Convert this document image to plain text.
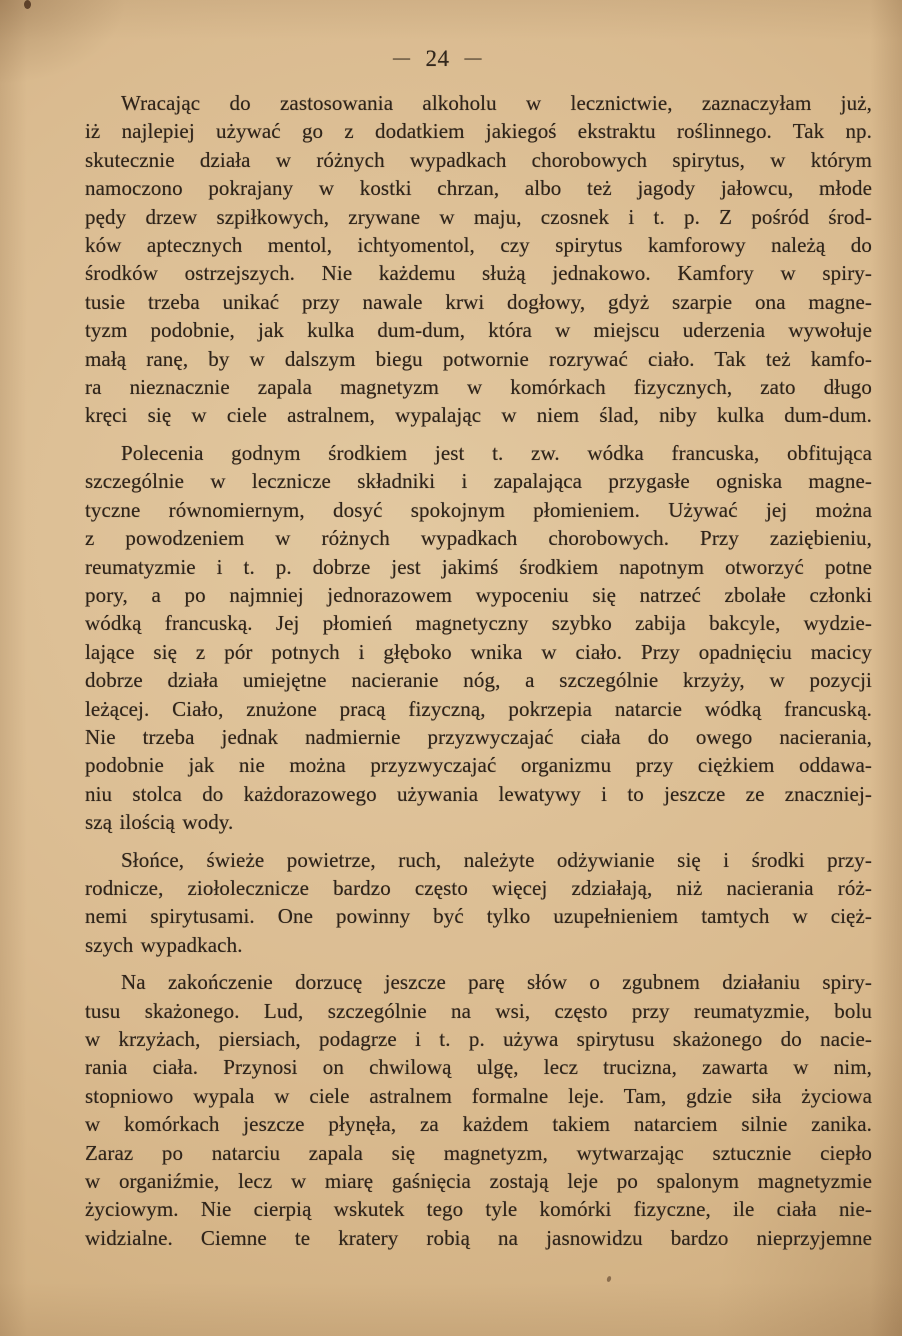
— 24 —
Wracając do zastosowania alkoholu w lecznictwie, zaznaczyłam już,
iż najlepiej używać go z dodatkiem jakiegoś ekstraktu roślinnego. Tak np.
skutecznie działa w różnych wypadkach chorobowych spirytus, w którym
namoczono pokrajany w kostki chrzan, albo też jagody jałowcu, młode
pędy drzew szpiłkowych, zrywane w maju, czosnek i t. p. Z pośród środ-
ków aptecznych mentol, ichtyomentol, czy spirytus kamforowy należą do
środków ostrzejszych. Nie każdemu służą jednakowo. Kamfory w spiry-
tusie trzeba unikać przy nawale krwi dogłowy, gdyż szarpie ona magne-
tyzm podobnie, jak kulka dum-dum, która w miejscu uderzenia wywołuje
małą ranę, by w dalszym biegu potwornie rozrywać ciało. Tak też kamfo-
ra nieznacznie zapala magnetyzm w komórkach fizycznych, zato długo
kręci się w ciele astralnem, wypalając w niem ślad, niby kulka dum-dum.
Polecenia godnym środkiem jest t. zw. wódka francuska, obfitująca
szczególnie w lecznicze składniki i zapalająca przygasłe ogniska magne-
tyczne równomiernym, dosyć spokojnym płomieniem. Używać jej można
z powodzeniem w różnych wypadkach chorobowych. Przy zaziębieniu,
reumatyzmie i t. p. dobrze jest jakimś środkiem napotnym otworzyć potne
pory, a po najmniej jednorazowem wypoceniu się natrzeć zbolałe członki
wódką francuską. Jej płomień magnetyczny szybko zabija bakcyle, wydzie-
lające się z pór potnych i głęboko wnika w ciało. Przy opadnięciu macicy
dobrze działa umiejętne nacieranie nóg, a szczególnie krzyży, w pozycji
leżącej. Ciało, znużone pracą fizyczną, pokrzepia natarcie wódką francuską.
Nie trzeba jednak nadmiernie przyzwyczajać ciała do owego nacierania,
podobnie jak nie można przyzwyczajać organizmu przy ciężkiem oddawa-
niu stolca do każdorazowego używania lewatywy i to jeszcze ze znaczniej-
szą ilością wody.
Słońce, świeże powietrze, ruch, należyte odżywianie się i środki przy-
rodnicze, ziołolecznicze bardzo często więcej zdziałają, niż nacierania róż-
nemi spirytusami. One powinny być tylko uzupełnieniem tamtych w cięż-
szych wypadkach.
Na zakończenie dorzucę jeszcze parę słów o zgubnem działaniu spiry-
tusu skażonego. Lud, szczególnie na wsi, często przy reumatyzmie, bolu
w krzyżach, piersiach, podagrze i t. p. używa spirytusu skażonego do nacie-
rania ciała. Przynosi on chwilową ulgę, lecz trucizna, zawarta w nim,
stopniowo wypala w ciele astralnem formalne leje. Tam, gdzie siła życiowa
w komórkach jeszcze płynęła, za każdem takiem natarciem silnie zanika.
Zaraz po natarciu zapala się magnetyzm, wytwarzając sztucznie ciepło
w organiźmie, lecz w miarę gaśnięcia zostają leje po spalonym magnetyzmie
życiowym. Nie cierpią wskutek tego tyle komórki fizyczne, ile ciała nie-
widzialne. Ciemne te kratery robią na jasnowidzu bardzo nieprzyjemne
